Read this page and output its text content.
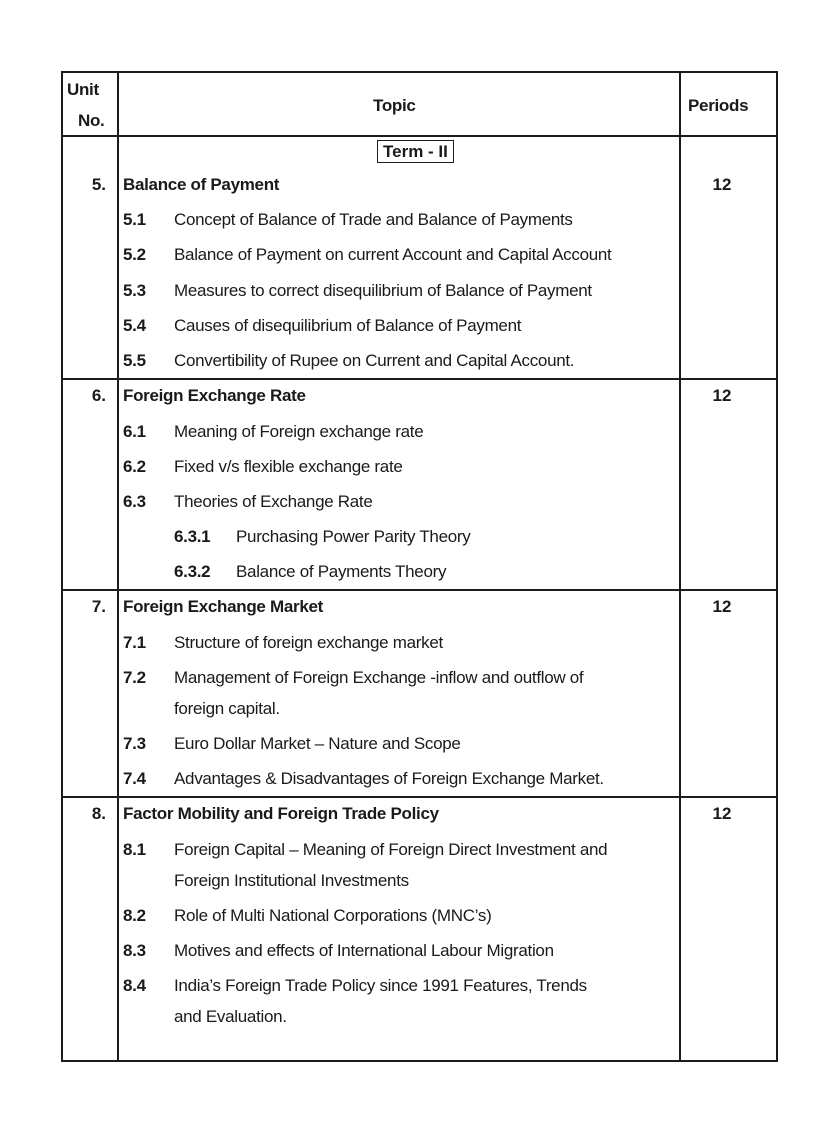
Unit
No.
Topic	Periods
Term - II
5. Balance of Payment	12
5.1 Concept of Balance of Trade and Balance of Payments
5.2 Balance of Payment on current Account and Capital Account
5.3 Measures to correct disequilibrium of Balance of Payment
5.4 Causes of disequilibrium of Balance of Payment
5.5 Convertibility of Rupee on Current and Capital Account.
6. Foreign Exchange Rate	12
6.1 Meaning of Foreign exchange rate
6.2 Fixed v/s flexible exchange rate
6.3 Theories of Exchange Rate
6.3.1 Purchasing Power Parity Theory
6.3.2 Balance of Payments Theory
7. Foreign Exchange Market	12
7.1 Structure of foreign exchange market
7.2 Management of Foreign Exchange -inflow and outflow of
foreign capital.
7.3 Euro Dollar Market – Nature and Scope
7.4 Advantages & Disadvantages of Foreign Exchange Market.
8. Factor Mobility and Foreign Trade Policy	12
8.1 Foreign Capital – Meaning of Foreign Direct Investment and
Foreign Institutional Investments
8.2 Role of Multi National Corporations (MNC’s)
8.3 Motives and effects of International Labour Migration
8.4 India’s Foreign Trade Policy since 1991 Features, Trends
and Evaluation.
